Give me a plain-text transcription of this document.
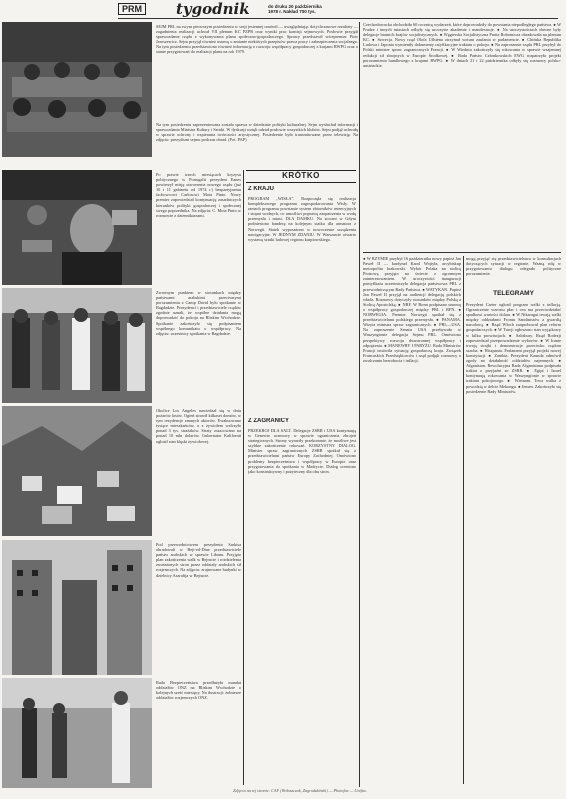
PRM tygodnik	do druku 20 października
1978 r. Nakład 700 tys.
SEJM PRL na swym pierwszym posiedzeniu w sesji jesiennej omówił — uwzględniając dotychczasowe rezultaty — zagadnienia realizacji uchwał VII plenum KC PZPR oraz wyniki prac komisji sejmowych. Posłowie przyjęli sprawozdanie rządu z wykonywania planu społeczno-gospodarczego. Sprawy przedstawił wicepremier Piotr Jaroszewicz. Sejm przyjął również ustawę o zmianie niektórych przepisów prawa pracy i zabezpieczenia socjalnego. Na tym posiedzeniu przedstawiono również informację o rozwoju współpracy gospodarczej z krajami RWPG oraz o stanie przygotowań do realizacji planu na rok 1979.
Na tym posiedzeniu zaprezentowana została sprawa w dziedzinie polityki kulturalnej. Sejm wysłuchał informacji i sprawozdania Ministra Kultury i Sztuki. W dyskusji wzięli udział posłowie wszystkich klubów. Sejm podjął uchwałę w sprawie ochrony i wspierania twórczości artystycznej. Posiedzenie było transmitowane przez telewizję. Na zdjęciu: prezydium sejmu podczas obrad. (Fot. PAP)
Po prawie trzech miesiącach kryzysu politycznego w Portugalii prezydent Eanes powierzył misję utworzenia nowego rządu (już 10 i 11 gabinetu od 1974 r.) bezpartyjnemu fachowcowi Carlosowi Mota Pinto. Nowy premier zapowiedział kontynuację zasadniczych kierunków polityki gospodarczej i społecznej swego poprzednika. Na zdjęciu: C. Mota Pinto w rozmowie z dziennikarzami.
Zwrotnym punktem w stosunkach między państwami arabskimi przeciwnymi porozumieniu z Camp David było spotkanie w Bagdadzie. Prezydenci i przedstawiciele rządów zgodnie uznali, że wspólne działania mogą doprowadzić do pokoju na Bliskim Wschodzie. Spotkanie zakończyło się podpisaniem wspólnego komunikatu o współpracy. Na zdjęciu: uczestnicy spotkania w Bagdadzie.
Okolice Los Angeles nawiedzał się w dniu pożarów lasów. Ogień strawił kilkaset domów, w tym rezydencje znanych aktorów. Ewakuowano tysiące mieszkańców, a z żywiołem walczyło ponad 3 tys. strażaków. Straty oszacowano na ponad 10 mln dolarów. Gubernator Kalifornii ogłosił stan klęski żywiołowej.
Pod przewodnictwem prezydenta Sarkisa obradowali w Bejt-ed-Dine przedstawiciele państw arabskich w sprawie Libanu. Przyjęto plan zakończenia walk w Bejrucie i rozdzielenia zwaśnionych stron przez oddziały arabskich sił rozjemczych. Na zdjęciu: zrujnowane budynki w dzielnicy Aszrafija w Bejrucie.
Rada Bezpieczeństwa przedłużyła mandat oddziałów ONZ na Bliskim Wschodzie o kolejnych sześć miesięcy. Na ilustracji: żołnierze oddziałów rozjemczych ONZ.
KRÓTKO
Z KRAJU
PROGRAM „WISŁA”. Rozpoczęła się realizacja kompleksowego programu zagospodarowania Wisły. W ramach programu powstanie system zbiorników retencyjnych i stopni wodnych, co umożliwi poprawę zaopatrzenia w wodę przemysłu i miast. DLA DAMKU. Na stoczni w Gdyni podniesiono banderę na kolejnym statku dla armatora z Norwegii. Statek wyposażono w nowoczesne urządzenia nawigacyjne. W JEDNYM ZDANIU. W Warszawie otwarto wystawę sztuki ludowej regionu kurpiowskiego.
Z ZAGRANICY
PRZEKROJ DLA SALT. Delegacje ZSRR i USA kontynuują w Genewie rozmowy w sprawie ograniczenia zbrojeń strategicznych. Strony wyraziły przekonanie, że możliwe jest szybkie zakończenie rokowań. KORZYSTNY DIALOG. Minister spraw zagranicznych ZSRR spotkał się z przedstawicielami państw Europy Zachodniej. Omówiono problemy bezpieczeństwa i współpracy w Europie oraz przygotowania do spotkania w Madrycie. Dialog oceniono jako konstruktywny i pożyteczny dla obu stron.
Czechosłowacka obchodziła 60 rocznicę wydarzeń, które doprowadziły do powstania niepodległego państwa. ● W Pradze i innych miastach odbyły się uroczyste akademie i manifestacje. ● Na uroczystościach obecne były delegacje bratnich krajów socjalistycznych. ● Węgierska Socjalistyczna Partia Robotnicza obradowała na plenum KC. ● Szwecja. Nowy rząd Olofa Ullstena otrzymał wotum zaufania w parlamencie. ● Chińska Republika Ludowa i Japonia wymieniły dokumenty ratyfikacyjne traktatu o pokoju. ● Na zaproszenie rządu PRL przybył do Polski minister spraw zagranicznych Francji. ● W Wiedniu zakończyły się rokowania w sprawie wzajemnej redukcji sił zbrojnych w Europie Środkowej. ● Rada Państw Członkowskich EWG rozpatrzyła projekt porozumienia handlowego z krajami RWPG. ● W dniach 21 i 22 października odbyły się rozmowy polsko-austriackie.
● W RZYMIE przybył 16 października nowy papież Jan Paweł II — kardynał Karol Wojtyła, arcybiskup metropolita krakowski. Wybór Polaka na stolicę Piotrową przyjęto na świecie z ogromnym zainteresowaniem. W uroczystości inauguracji pontyfikatu uczestniczyła delegacja państwowa PRL z przewodniczącym Rady Państwa. ● WATYKAN. Papież Jan Paweł II przyjął na audiencji delegację polskich władz. Rozmowy dotyczyły stosunków między Polską a Stolicą Apostolską. ● NRF. W Bonn podpisano umowę o współpracy gospodarczej między PRL i RFN. ● NORWEGIA. Premier Norwegii spotkał się z przedstawicielami polskiego przemysłu. ● PANAMA. Wizyta ministra spraw zagranicznych. ● PRL—USA. Na zaproszenie Senatu USA przebywała w Waszyngtonie delegacja Sejmu PRL. Omówiono perspektywy rozwoju dwustronnej współpracy i odprężenia. ● MANEWRY I PARYŻU. Rada Ministrów Francji omówiła sytuację gospodarczą kraju. Związek Francuskich Przedsiębiorców i rząd podjęli rozmowy o zwalczaniu bezrobocia i inflacji.
mogą przyjąć się przedstawicielstwa w konsultacjach dotyczących sytuacji w regionie. Ważną rolę w przygotowaniu dialogu odegrało polityczne porozumienie.
TELEGRAMY
Prezydent Carter ogłosił program walki z inflacją. Ograniczenie wzrostu płac i cen ma przeciwdziałać spadkowi wartości dolara. ● W Nikaragui trwają walki między oddziałami Frontu Sandinistów a gwardią narodową. ● Rząd Włoch zaaprobował plan reform gospodarczych. ● W Turcji ogłoszono stan wyjątkowy w kilku prowincjach. ● Salisbury. Rząd Rodezji zapowiedział przeprowadzenie wyborów. ● W Iranie trwają strajki i demonstracje przeciwko rządom szacha. ● Hiszpania. Parlament przyjął projekt nowej konstytucji. ● Zambia. Prezydent Kaunda odmówił zgody na działalność oddziałów najemnych. ● Afganistan. Rewolucyjna Rada Afganistanu podpisała traktat o przyjaźni ze ZSRR. ● Egipt i Izrael kontynuują rokowania w Waszyngtonie w sprawie traktatu pokojowego. ● Wietnam. Trwa walka z powodzią w delcie Mekongu. ● Jemen. Zakończyło się posiedzenie Rady Ministrów.
Zdjęcia na tej stronie: CAF (Wołoszczak, Zagrodzkiński) — Photofax — Unifax.
